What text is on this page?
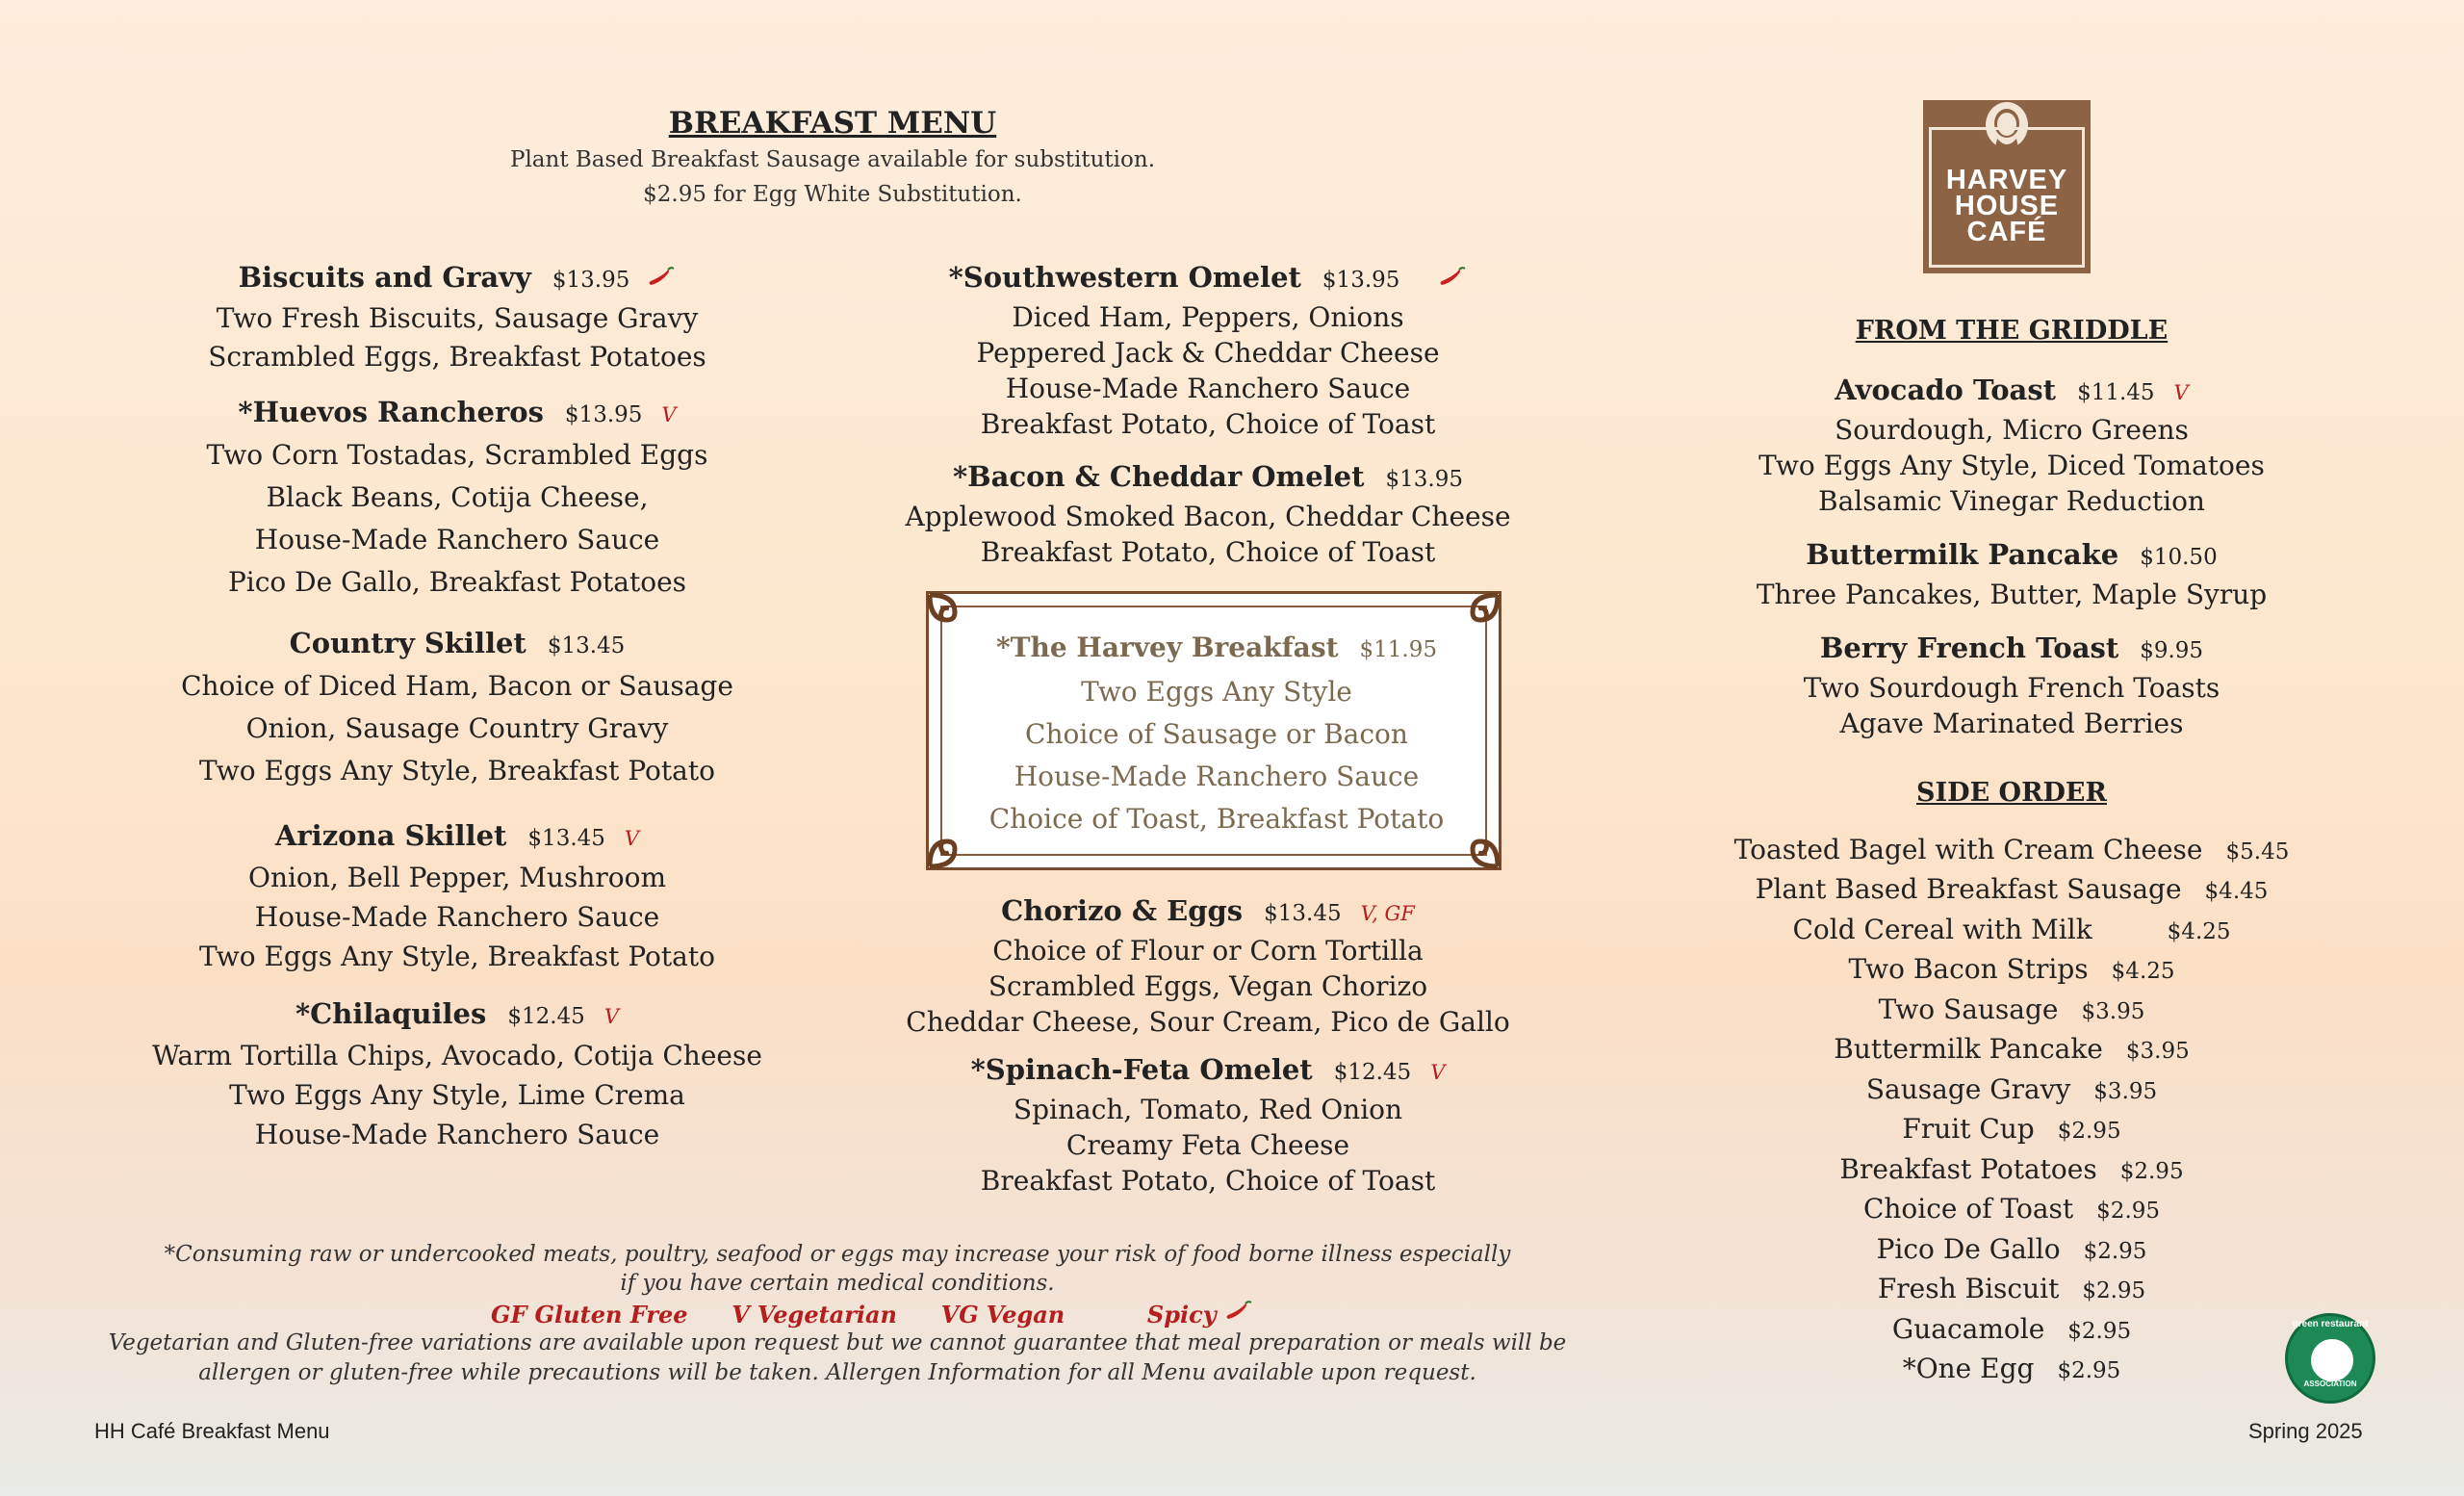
BREAKFAST MENU
Plant Based Breakfast Sausage available for substitution.
$2.95 for Egg White Substitution.	HARVEY
HOUSE
CAFÉ
Biscuits and Gravy $13.95
Two Fresh Biscuits, Sausage Gravy
Scrambled Eggs, Breakfast Potatoes
*Huevos Rancheros $13.95 V
Two Corn Tostadas, Scrambled Eggs
Black Beans, Cotija Cheese,
House-Made Ranchero Sauce
Pico De Gallo, Breakfast Potatoes
Country Skillet $13.45
Choice of Diced Ham, Bacon or Sausage
Onion, Sausage Country Gravy
Two Eggs Any Style, Breakfast Potato
Arizona Skillet $13.45 V
Onion, Bell Pepper, Mushroom
House-Made Ranchero Sauce
Two Eggs Any Style, Breakfast Potato
*Chilaquiles $12.45 V
Warm Tortilla Chips, Avocado, Cotija Cheese
Two Eggs Any Style, Lime Crema
House-Made Ranchero Sauce
*Southwestern Omelet $13.95
Diced Ham, Peppers, Onions
Peppered Jack & Cheddar Cheese
House-Made Ranchero Sauce
Breakfast Potato, Choice of Toast
*Bacon & Cheddar Omelet $13.95
Applewood Smoked Bacon, Cheddar Cheese
Breakfast Potato, Choice of Toast
*The Harvey Breakfast $11.95
Two Eggs Any Style
Choice of Sausage or Bacon
House-Made Ranchero Sauce
Choice of Toast, Breakfast Potato
Chorizo & Eggs $13.45 V, GF
Choice of Flour or Corn Tortilla
Scrambled Eggs, Vegan Chorizo
Cheddar Cheese, Sour Cream, Pico de Gallo
*Spinach-Feta Omelet $12.45 V
Spinach, Tomato, Red Onion
Creamy Feta Cheese
Breakfast Potato, Choice of Toast
FROM THE GRIDDLE
Avocado Toast $11.45 V
Sourdough, Micro Greens
Two Eggs Any Style, Diced Tomatoes
Balsamic Vinegar Reduction
Buttermilk Pancake $10.50
Three Pancakes, Butter, Maple Syrup
Berry French Toast $9.95
Two Sourdough French Toasts
Agave Marinated Berries
SIDE ORDER
Toasted Bagel with Cream Cheese $5.45
Plant Based Breakfast Sausage $4.45
Cold Cereal with Milk	$4.25
Two Bacon Strips $4.25
Two Sausage $3.95
Buttermilk Pancake $3.95
Sausage Gravy $3.95
Fruit Cup $2.95
Breakfast Potatoes $2.95
Choice of Toast $2.95
Pico De Gallo $2.95
Fresh Biscuit $2.95
Guacamole $2.95
*One Egg $2.95
green restaurant
ASSOCIATION
*Consuming raw or undercooked meats, poultry, seafood or eggs may increase your risk of food borne illness especially
if you have certain medical conditions.
GF Gluten Free V Vegetarian VG Vegan	Spicy
Vegetarian and Gluten-free variations are available upon request but we cannot guarantee that meal preparation or meals will be
allergen or gluten-free while precautions will be taken. Allergen Information for all Menu available upon request.
HH Café Breakfast Menu	Spring 2025
